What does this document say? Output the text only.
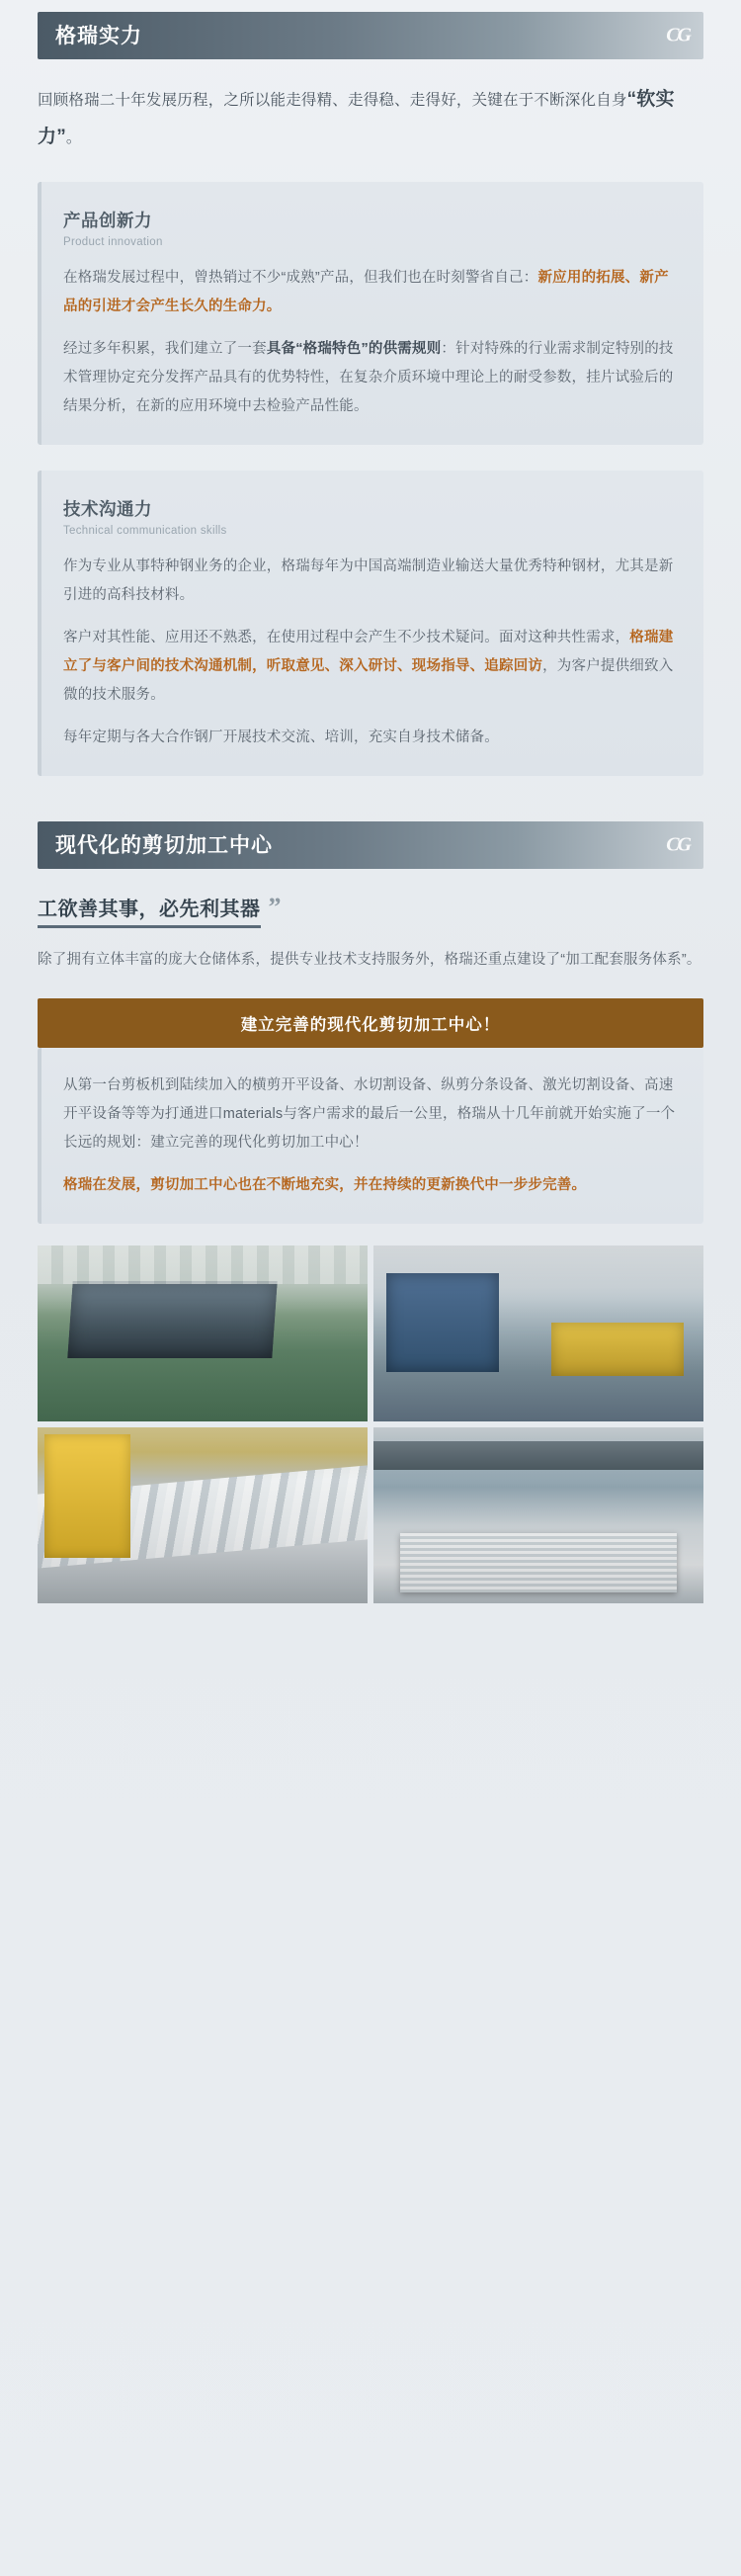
格瑞实力	CG
回顾格瑞二十年发展历程，之所以能走得精、走得稳、走得好，关键在于不断深化自身“软实力”。
产品创新力
Product innovation

在格瑞发展过程中，曾热销过不少“成熟”产品，但我们也在时刻警省自己：新应用的拓展、新产品的引进才会产生长久的生命力。

经过多年积累，我们建立了一套具备“格瑞特色”的供需规则：针对特殊的行业需求制定特别的技术管理协定充分发挥产品具有的优势特性，在复杂介质环境中理论上的耐受参数，挂片试验后的结果分析，在新的应用环境中去检验产品性能。

技术沟通力
Technical communication skills

作为专业从事特种钢业务的企业，格瑞每年为中国高端制造业输送大量优秀特种钢材，尤其是新引进的高科技材料。

客户对其性能、应用还不熟悉，在使用过程中会产生不少技术疑问。面对这种共性需求，格瑞建立了与客户间的技术沟通机制，听取意见、深入研讨、现场指导、追踪回访，为客户提供细致入微的技术服务。

每年定期与各大合作钢厂开展技术交流、培训，充实自身技术储备。

现代化的剪切加工中心	CG
工欲善其事，必先利其器 ”
除了拥有立体丰富的庞大仓储体系，提供专业技术支持服务外，格瑞还重点建设了“加工配套服务体系”。
建立完善的现代化剪切加工中心！

从第一台剪板机到陆续加入的横剪开平设备、水切割设备、纵剪分条设备、激光切割设备、高速开平设备等等为打通进口materials与客户需求的最后一公里，格瑞从十几年前就开始实施了一个长远的规划：建立完善的现代化剪切加工中心！

格瑞在发展，剪切加工中心也在不断地充实，并在持续的更新换代中一步步完善。
